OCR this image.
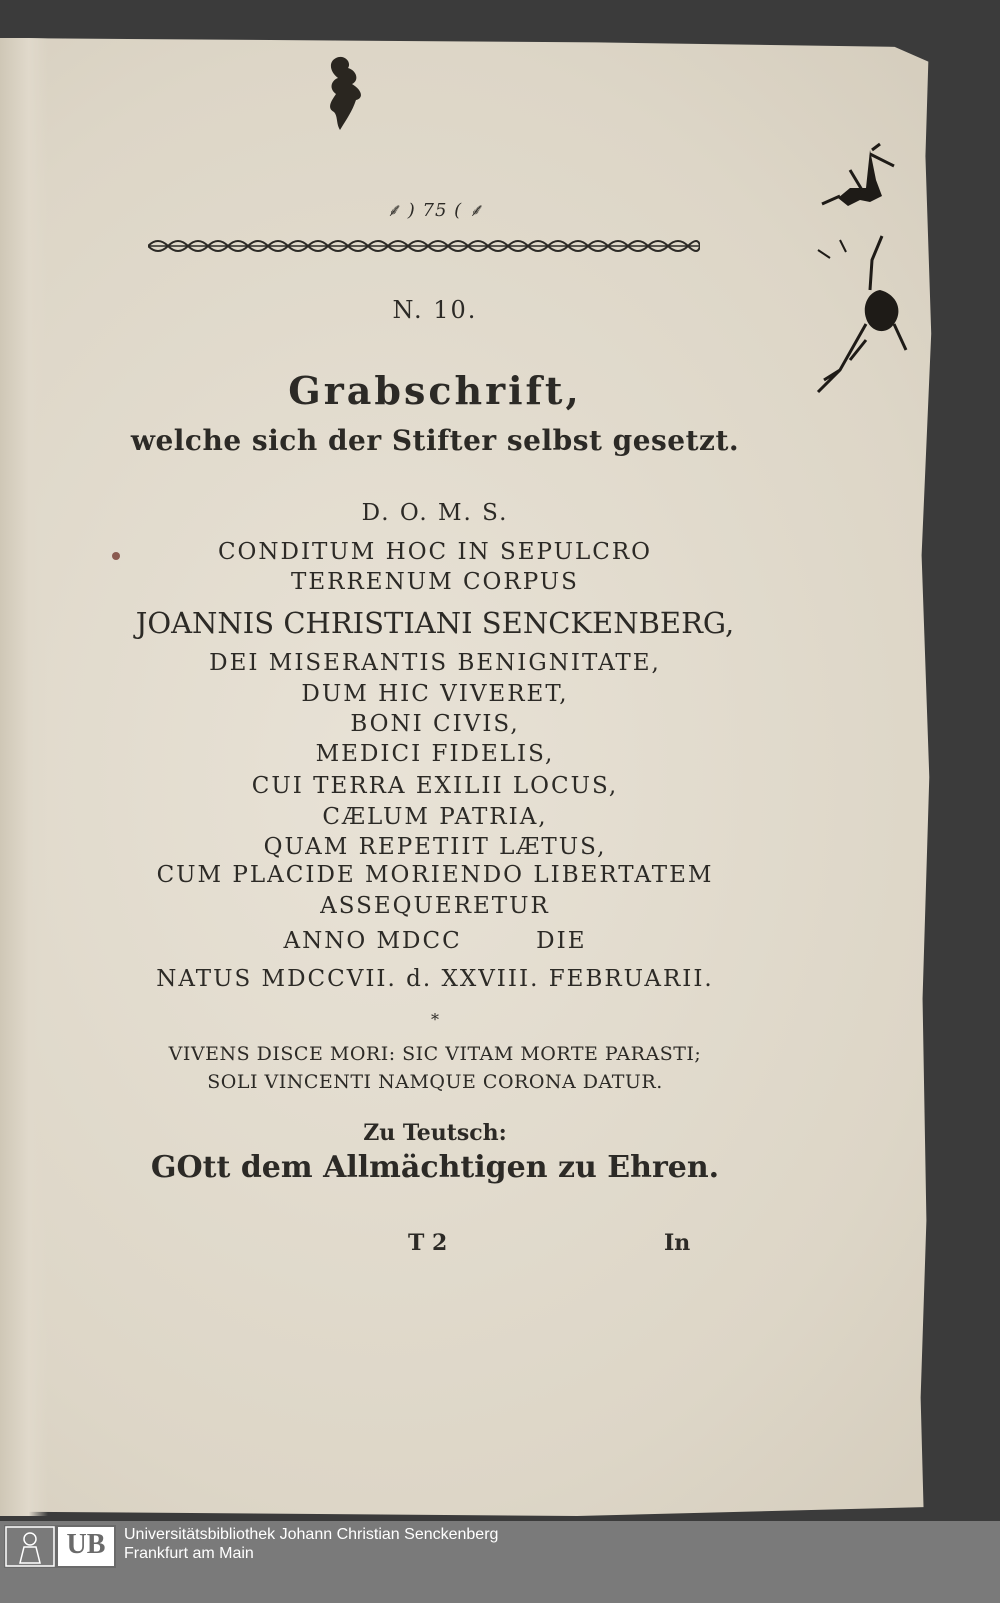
⸙ ) 75 ( ⸙
N. 10.
Grabschrift,
welche sich der Stifter selbst gesetzt.
D. O. M. S.
CONDITUM HOC IN SEPULCRO
TERRENUM CORPUS
JOANNIS CHRISTIANI SENCKENBERG,
DEI MISERANTIS BENIGNITATE,
DUM HIC VIVERET,
BONI CIVIS,
MEDICI FIDELIS,
CUI TERRA EXILII LOCUS,
CÆLUM PATRIA,
QUAM REPETIIT LÆTUS,
CUM PLACIDE MORIENDO LIBERTATEM
ASSEQUERETUR
ANNO MDCC        DIE
NATUS MDCCVII. d. XXVIII. FEBRUARII.
*
VIVENS DISCE MORI: SIC VITAM MORTE PARASTI;
SOLI VINCENTI NAMQUE CORONA DATUR.
Zu Teutsch:
GOtt dem Allmächtigen zu Ehren.
T 2	In
UB	Universitätsbibliothek Johann Christian Senckenberg
Frankfurt am Main
